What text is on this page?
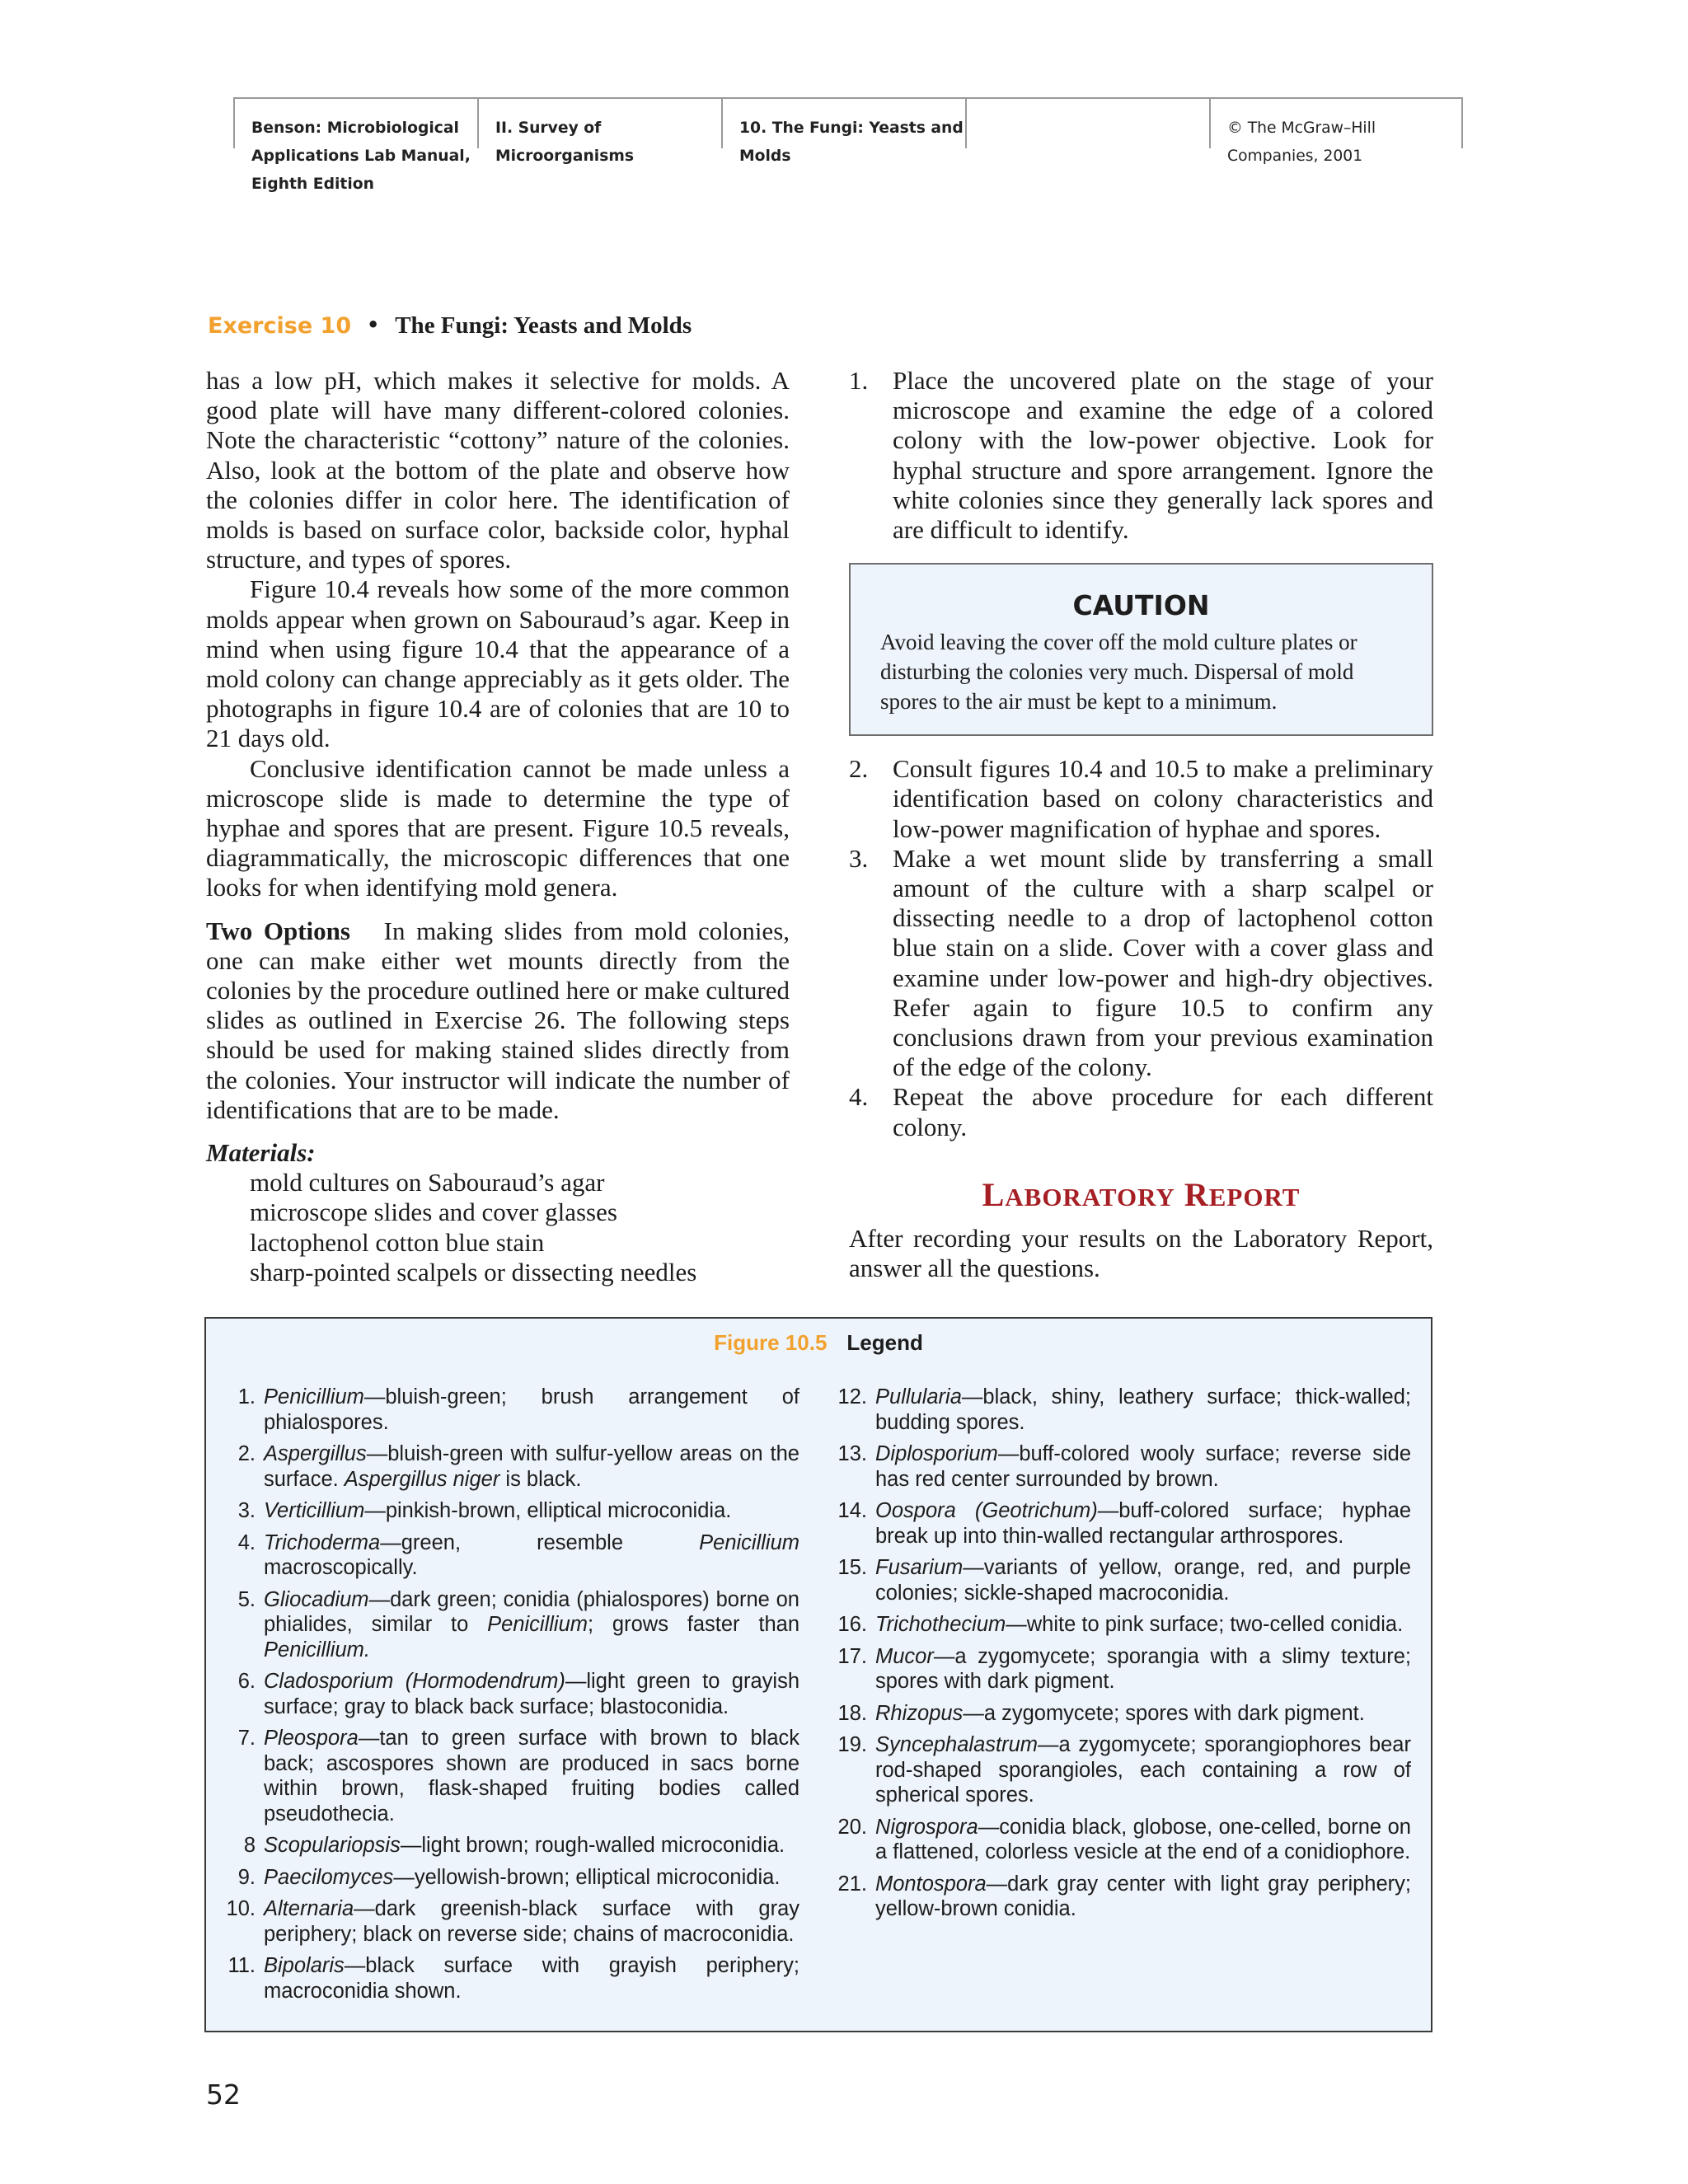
Benson: Microbiological
Applications Lab Manual,
Eighth Edition
II. Survey of
Microorganisms
10. The Fungi: Yeasts and
Molds
© The McGraw–Hill
Companies, 2001
Exercise 10 • The Fungi: Yeasts and Molds

has a low pH, which makes it selective for molds. A good plate will have many different-colored colonies. Note the characteristic “cottony” nature of the colonies. Also, look at the bottom of the plate and observe how the colonies differ in color here. The identification of molds is based on surface color, backside color, hyphal structure, and types of spores.

Figure 10.4 reveals how some of the more common molds appear when grown on Sabouraud’s agar. Keep in mind when using figure 10.4 that the appearance of a mold colony can change appreciably as it gets older. The photographs in figure 10.4 are of colonies that are 10 to 21 days old.

Conclusive identification cannot be made unless a microscope slide is made to determine the type of hyphae and spores that are present. Figure 10.5 reveals, diagrammatically, the microscopic differences that one looks for when identifying mold genera.

Two Options In making slides from mold colonies, one can make either wet mounts directly from the colonies by the procedure outlined here or make cultured slides as outlined in Exercise 26. The following steps should be used for making stained slides directly from the colonies. Your instructor will indicate the number of identifications that are to be made.

Materials:

mold cultures on Sabouraud’s agar
microscope slides and cover glasses
lactophenol cotton blue stain
sharp-pointed scalpels or dissecting needles
1. Place the uncovered plate on the stage of your microscope and examine the edge of a colored colony with the low-power objective. Look for hyphal structure and spore arrangement. Ignore the white colonies since they generally lack spores and are difficult to identify.
CAUTION
Avoid leaving the cover off the mold culture plates or disturbing the colonies very much. Dispersal of mold spores to the air must be kept to a minimum.
2. Consult figures 10.4 and 10.5 to make a preliminary identification based on colony characteristics and low-power magnification of hyphae and spores.
3. Make a wet mount slide by transferring a small amount of the culture with a sharp scalpel or dissecting needle to a drop of lactophenol cotton blue stain on a slide. Cover with a cover glass and examine under low-power and high-dry objectives. Refer again to figure 10.5 to confirm any conclusions drawn from your previous examination of the edge of the colony.
4. Repeat the above procedure for each different colony.

LABORATORY REPORT

After recording your results on the Laboratory Report, answer all the questions.

Figure 10.5 Legend
1. Penicillium—bluish-green; brush arrangement of phialospores.
2. Aspergillus—bluish-green with sulfur-yellow areas on the surface. Aspergillus niger is black.
3. Verticillium—pinkish-brown, elliptical microconidia.
4. Trichoderma—green, resemble Penicillium macroscopically.
5. Gliocadium—dark green; conidia (phialospores) borne on phialides, similar to Penicillium; grows faster than Penicillium.
6. Cladosporium (Hormodendrum)—light green to grayish surface; gray to black back surface; blastoconidia.
7. Pleospora—tan to green surface with brown to black back; ascospores shown are produced in sacs borne within brown, flask-shaped fruiting bodies called pseudothecia.
8 Scopulariopsis—light brown; rough-walled microconidia.
9. Paecilomyces—yellowish-brown; elliptical microconidia.
10. Alternaria—dark greenish-black surface with gray periphery; black on reverse side; chains of macroconidia.
11. Bipolaris—black surface with grayish periphery; macroconidia shown.
12. Pullularia—black, shiny, leathery surface; thick-walled; budding spores.
13. Diplosporium—buff-colored wooly surface; reverse side has red center surrounded by brown.
14. Oospora (Geotrichum)—buff-colored surface; hyphae break up into thin-walled rectangular arthrospores.
15. Fusarium—variants of yellow, orange, red, and purple colonies; sickle-shaped macroconidia.
16. Trichothecium—white to pink surface; two-celled conidia.
17. Mucor—a zygomycete; sporangia with a slimy texture; spores with dark pigment.
18. Rhizopus—a zygomycete; spores with dark pigment.
19. Syncephalastrum—a zygomycete; sporangiophores bear rod-shaped sporangioles, each containing a row of spherical spores.
20. Nigrospora—conidia black, globose, one-celled, borne on a flattened, colorless vesicle at the end of a conidiophore.
21. Montospora—dark gray center with light gray periphery; yellow-brown conidia.
52
